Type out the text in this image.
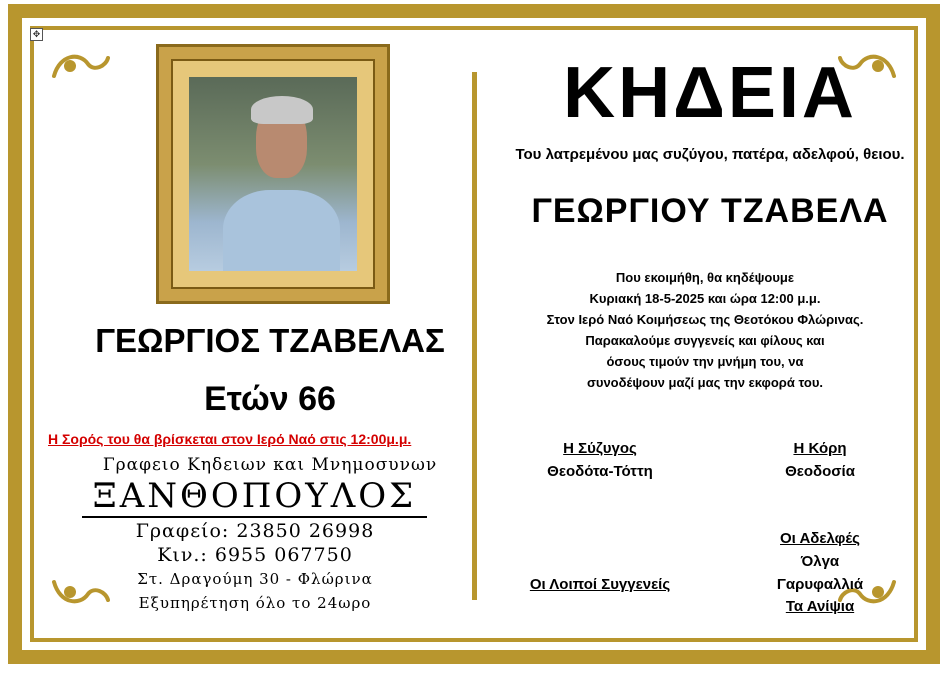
✥
ΓΕΩΡΓΙΟΣ ΤΖΑΒΕΛΑΣ
Ετών 66
Η Σορός του θα βρίσκεται στον Ιερό Ναό στις 12:00μ.μ.
Γραφειο Κηδειων και Μνημοσυνων
ΞΑΝΘΟΠΟΥΛΟΣ
Γραφείο: 23850 26998
Κιν.: 6955 067750
Στ. Δραγούμη 30 - Φλώρινα
Εξυπηρέτηση όλο το 24ωρο
ΚΗΔΕΙΑ
Του λατρεμένου μας συζύγου, πατέρα, αδελφού, θειου.
ΓΕΩΡΓΙΟΥ ΤΖΑΒΕΛΑ
Που εκοιμήθη, θα κηδέψουμε
Κυριακή 18-5-2025 και ώρα 12:00 μ.μ.
Στον Ιερό Ναό Κοιμήσεως της Θεοτόκου Φλώρινας.
Παρακαλούμε συγγενείς και φίλους και
όσους τιμούν την μνήμη του, να
συνοδέψουν μαζί μας την εκφορά του.
Η Σύζυγος
Θεοδότα-Τόττη
Η Κόρη
Θεοδοσία
Οι Αδελφές
Όλγα
Γαρυφαλλιά
Τα Ανίψια
Οι Λοιποί Συγγενείς
